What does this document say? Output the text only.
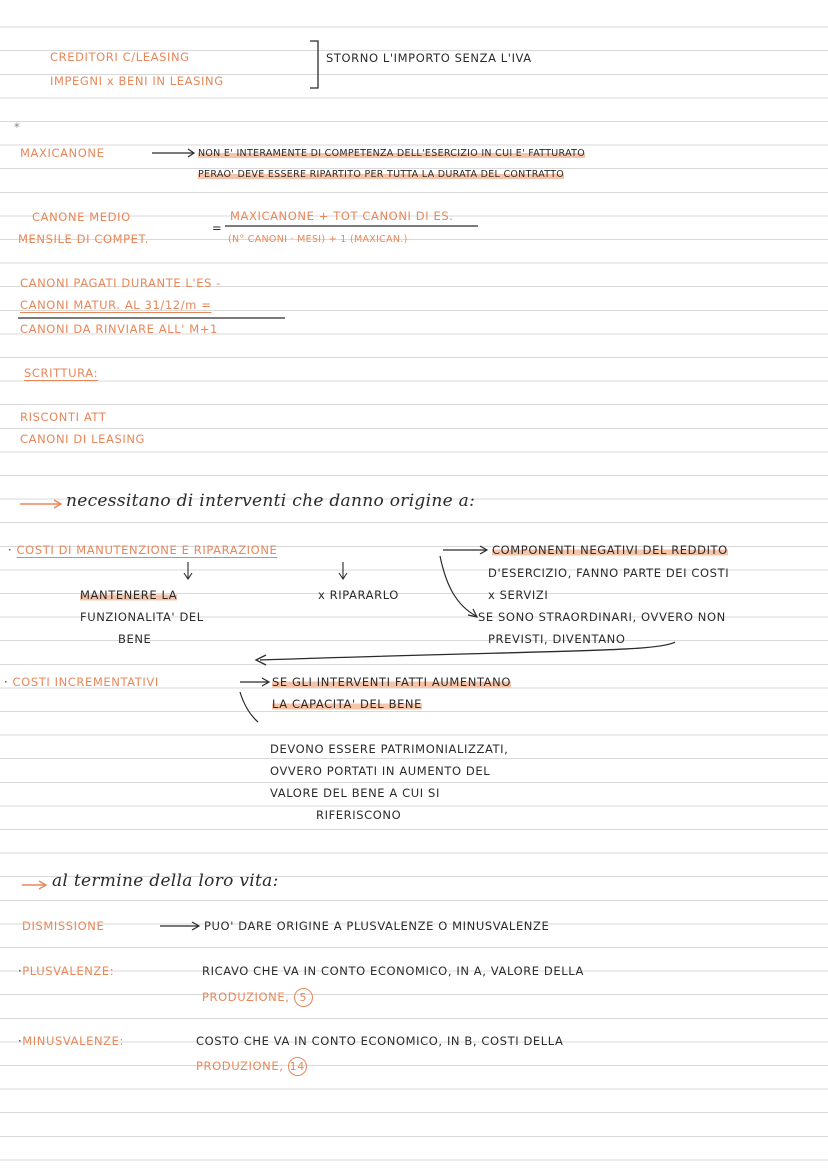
CREDITORI C/LEASING
IMPEGNI x BENI IN LEASING
STORNO L'IMPORTO SENZA L'IVA
*
MAXICANONE	NON E' INTERAMENTE DI COMPETENZA DELL'ESERCIZIO IN CUI E' FATTURATO
PERAO' DEVE ESSERE RIPARTITO PER TUTTA LA DURATA DEL CONTRATTO
CANONE MEDIO
MENSILE DI COMPET.
=
MAXICANONE + TOT CANONI DI ES.
(N° CANONI · MESI) + 1 (MAXICAN.)
CANONI PAGATI DURANTE L'ES -
CANONI MATUR. AL 31/12/m =
CANONI DA RINVIARE ALL' M+1
SCRITTURA:
RISCONTI ATT
CANONI DI LEASING
necessitano di interventi che danno origine a:
· COSTI DI MANUTENZIONE E RIPARAZIONE
MANTENERE LA
FUNZIONALITA' DEL
BENE
x RIPARARLO
COMPONENTI NEGATIVI DEL REDDITO
D'ESERCIZIO, FANNO PARTE DEI COSTI
x SERVIZI
SE SONO STRAORDINARI, OVVERO NON
PREVISTI, DIVENTANO
· COSTI INCREMENTATIVI	SE GLI INTERVENTI FATTI AUMENTANO
LA CAPACITA' DEL BENE
DEVONO ESSERE PATRIMONIALIZZATI,
OVVERO PORTATI IN AUMENTO DEL
VALORE DEL BENE A CUI SI
RIFERISCONO
al termine della loro vita:
DISMISSIONE	PUO' DARE ORIGINE A PLUSVALENZE O MINUSVALENZE
·PLUSVALENZE:	RICAVO CHE VA IN CONTO ECONOMICO, IN A, VALORE DELLA
PRODUZIONE, 5
·MINUSVALENZE:	COSTO CHE VA IN CONTO ECONOMICO, IN B, COSTI DELLA
PRODUZIONE, 14
